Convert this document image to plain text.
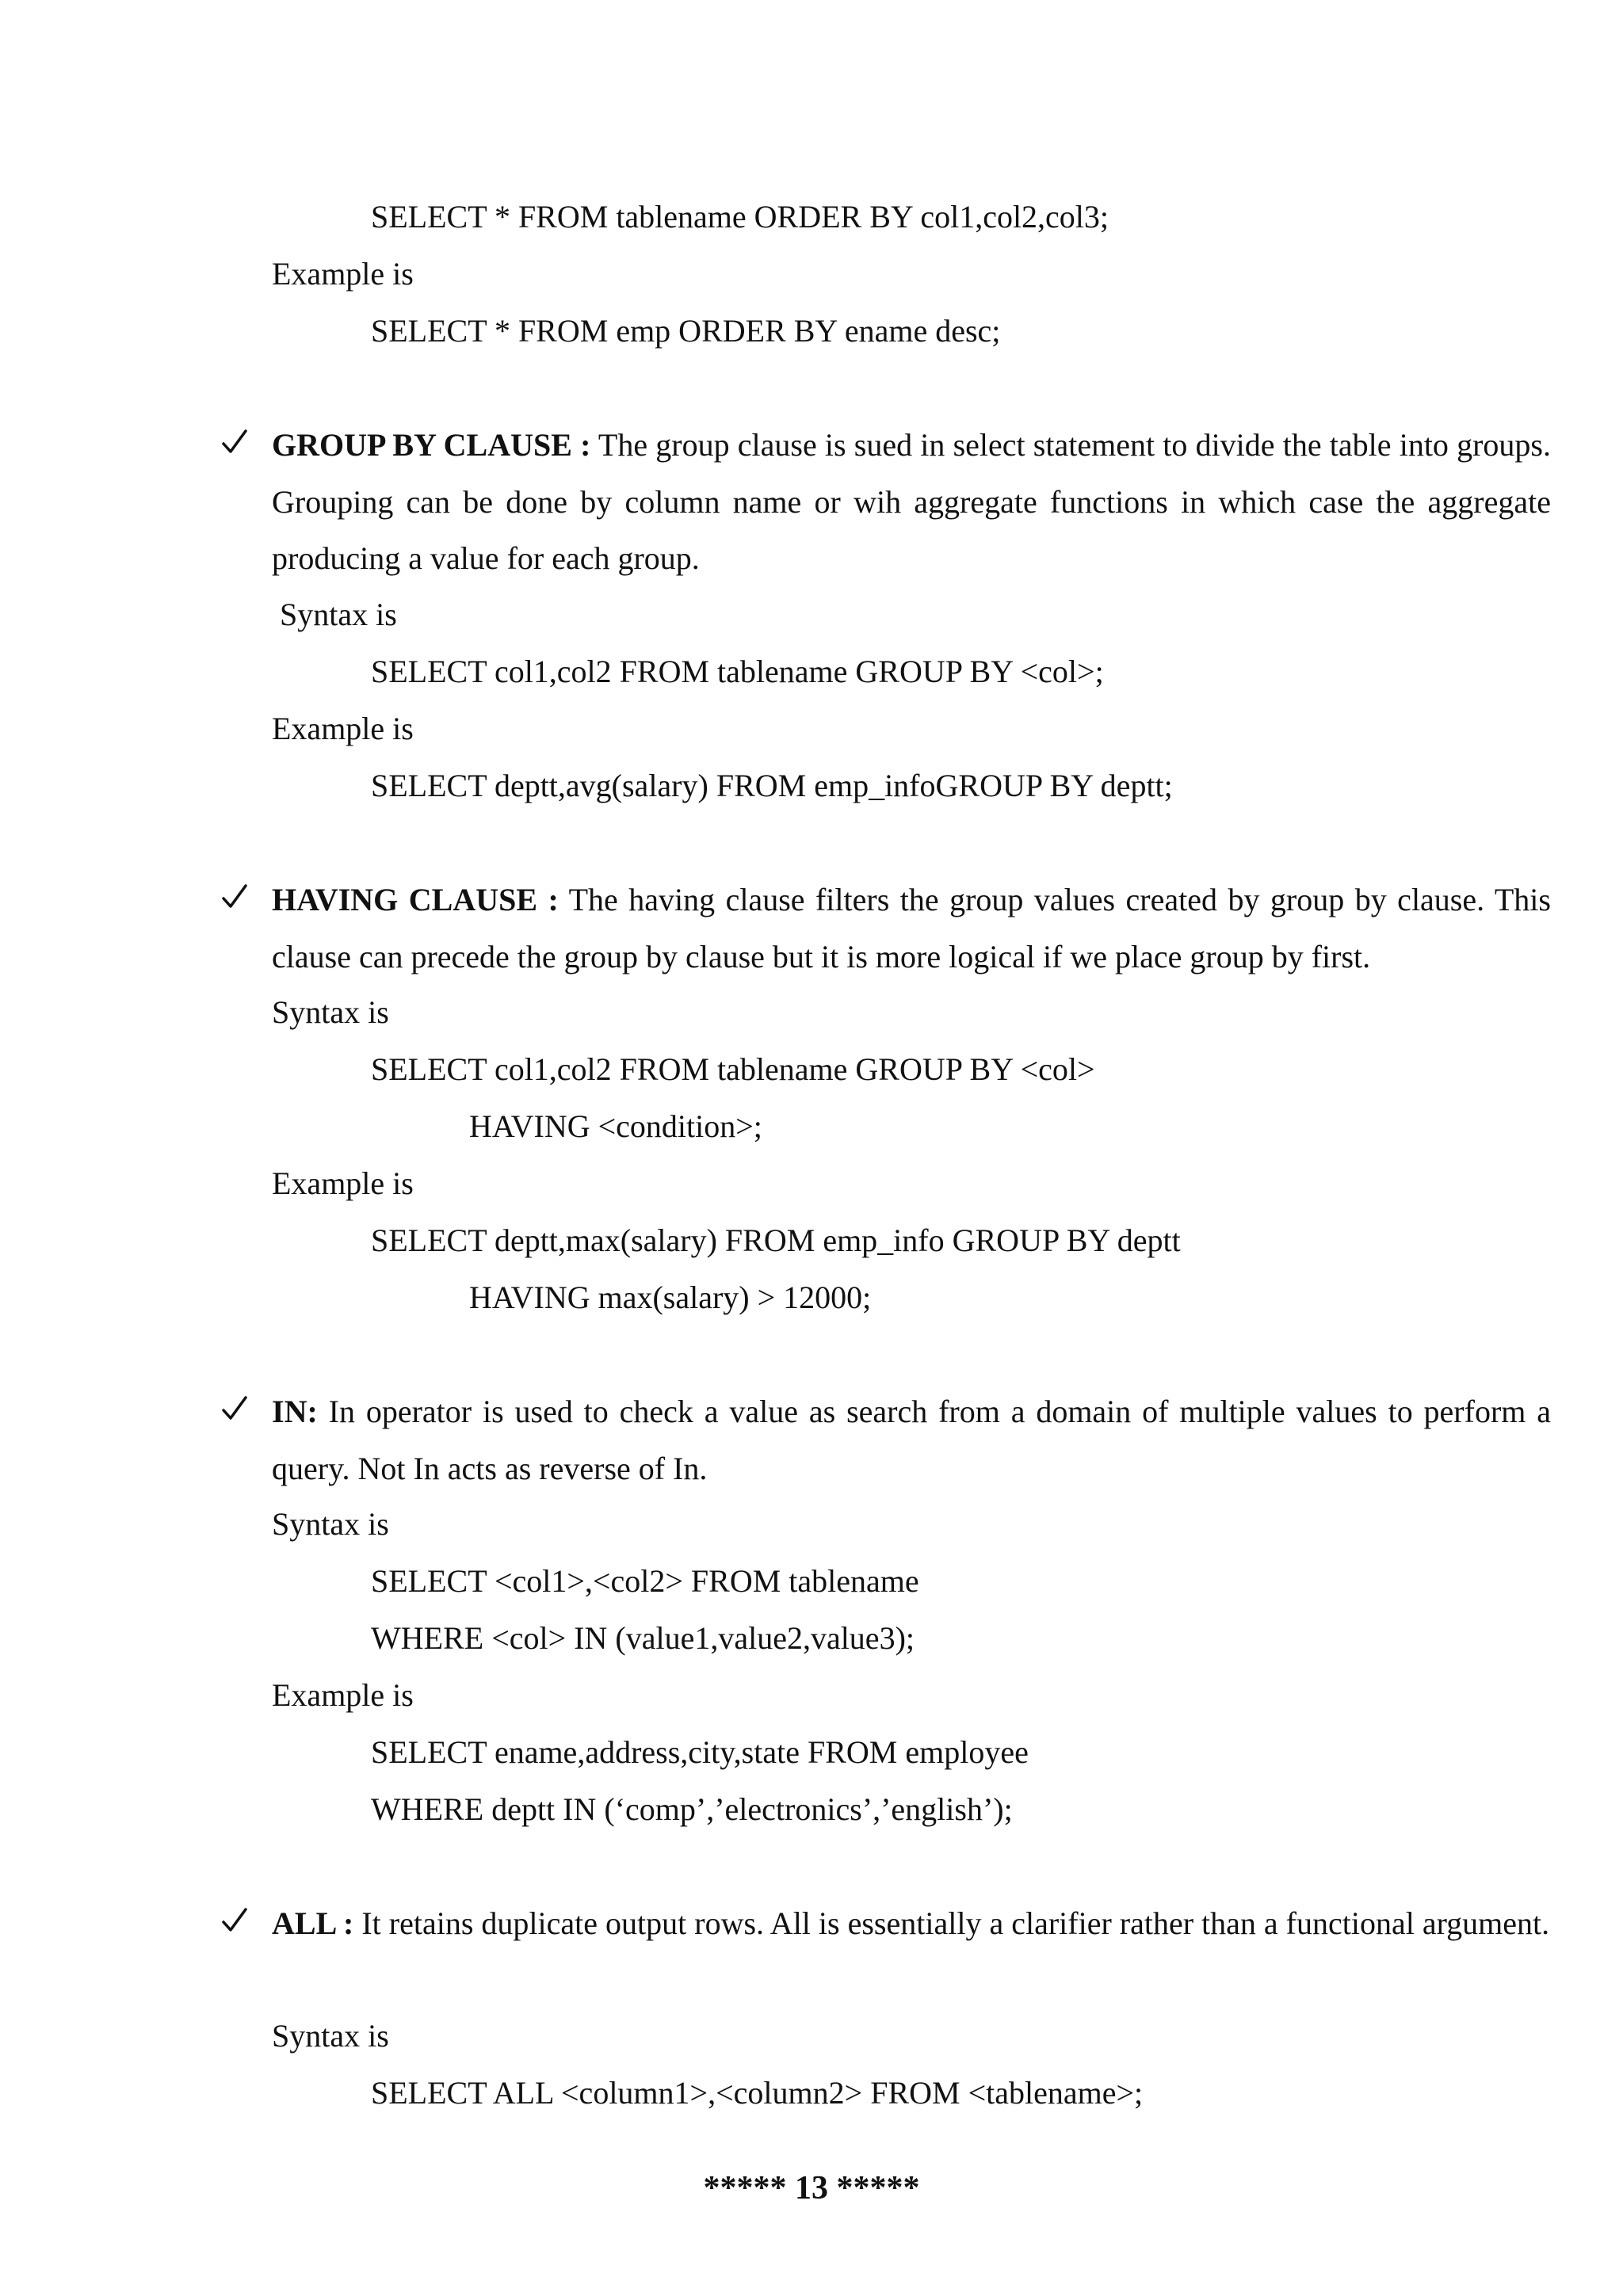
SELECT * FROM tablename ORDER BY col1,col2,col3;
Example is
SELECT * FROM emp ORDER BY ename desc;

GROUP BY CLAUSE : The group clause is sued in select statement to divide the table into groups. Grouping can be done by column name or wih aggregate functions in which case the aggregate producing a value for each group.

Syntax is
SELECT col1,col2 FROM tablename GROUP BY <col>;
Example is
SELECT deptt,avg(salary) FROM emp_infoGROUP BY deptt;

HAVING CLAUSE : The having clause filters the group values created by group by clause. This clause can precede the group by clause but it is more logical if we place group by first.

Syntax is
SELECT col1,col2 FROM tablename GROUP BY <col>
HAVING <condition>;
Example is
SELECT deptt,max(salary) FROM emp_info GROUP BY deptt
HAVING max(salary) > 12000;

IN: In operator is used to check a value as search from a domain of multiple values to perform a query. Not In acts as reverse of In.

Syntax is
SELECT <col1>,<col2> FROM tablename
WHERE <col> IN (value1,value2,value3);
Example is
SELECT ename,address,city,state FROM employee
WHERE deptt IN (‘comp’,’electronics’,’english’);

ALL : It retains duplicate output rows. All is essentially a clarifier rather than a functional argument.

Syntax is
SELECT ALL <column1>,<column2> FROM <tablename>;
***** 13 *****
